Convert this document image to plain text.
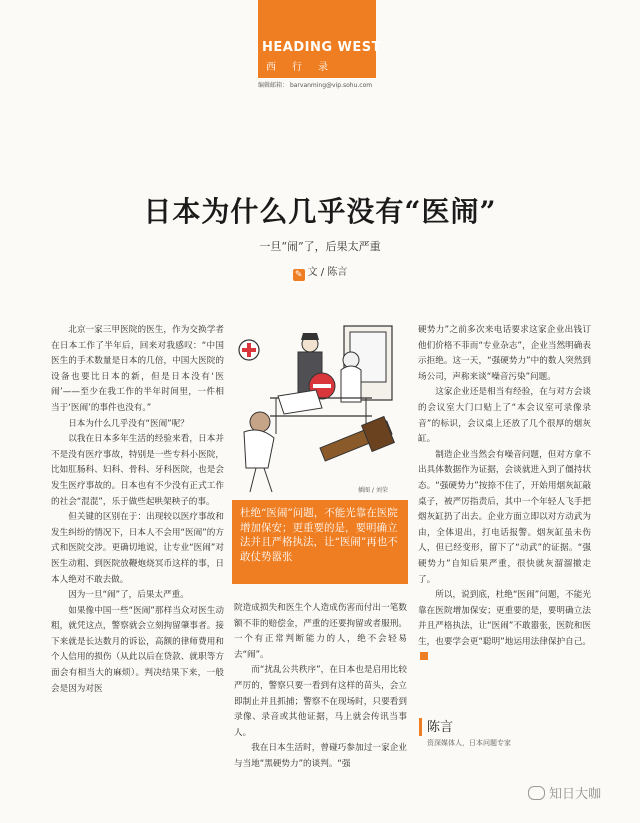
HEADING WEST
西行录
编辑邮箱： barvanming@vip.sohu.com
日本为什么几乎没有“医闹”
一旦“闹”了，后果太严重
✎ 文 / 陈言

北京一家三甲医院的医生，作为交换学者在日本工作了半年后，回来对我感叹：“中国医生的手术数量是日本的几倍，中国大医院的设备也要比日本的新，但是日本没有‘医闹’——至少在我工作的半年时间里，一件相当于‘医闹’的事件也没有。”

日本为什么几乎没有“医闹”呢？

以我在日本多年生活的经验来看，日本并不是没有医疗事故，特别是一些专科小医院，比如肛肠科、妇科、骨科、牙科医院，也是会发生医疗事故的。日本也有不少没有正式工作的社会“混混”，乐于做些起哄架秧子的事。

但关键的区别在于：出现较以医疗事故和发生纠纷的情况下，日本人不会用“医闹”的方式和医院交涉。更确切地说，让专业“医闹”对医生动粗、到医院放鞭炮烧冥币这样的事，日本人绝对不敢去做。

因为一旦“闹”了，后果太严重。

如果像中国一些“医闹”那样当众对医生动粗，就凭这点，警察就会立刻拘留肇事者。接下来就是长达数月的诉讼，高额的律师费用和个人信用的损伤（从此以后在贷款、就职等方面会有相当大的麻烦）。判决结果下来，一般会是因为对医

插图 / 刘荣
杜绝“医闹”问题，不能光靠在医院增加保安；更重要的是，要明确立法并且严格执法，让“医闹”再也不敢仗势嚣张

院造成损失和医生个人造成伤害而付出一笔数额不菲的赔偿金，严重的还要拘留或者服刑。一个有正常判断能力的人，绝不会轻易去“闹”。

而“扰乱公共秩序”，在日本也是启用比较严厉的，警察只要一看到有这样的苗头，会立即制止并且抓捕；警察不在现场时，只要看到录像、录音或其他证据，马上就会传讯当事人。

我在日本生活时，曾碰巧参加过一家企业与当地“黑硬势力”的谈判。“强

硬势力”之前多次来电话要求这家企业出钱订他们价格不菲而“专业杂志”，企业当然明确表示拒绝。这一天，“强硬势力”中的数人突然到场公司，声称来谈“噪音污染”问题。

这家企业还是相当有经验，在与对方会谈的会议室大门口贴上了“本会议室可录像录音”的标识，会议桌上还放了几个很厚的烟灰缸。

制造企业当然会有噪音问题，但对方拿不出具体数据作为证据，会谈就进入到了僵持状态。“强硬势力”按捺不住了，开始用烟灰缸敲桌子，被严厉指责后，其中一个年轻人飞手把烟灰缸扔了出去。企业方面立即以对方动武为由，全体退出，打电话报警。烟灰缸虽未伤人，但已经变形，留下了“动武”的证据。“强硬势力”自知后果严重，很快就灰溜溜撤走了。

所以，说到底，杜绝“医闹”问题，不能光靠在医院增加保安；更重要的是，要明确立法并且严格执法，让“医闹”不敢嚣张，医院和医生，也要学会更“聪明”地运用法律保护自己。

陈言
资深媒体人，日本问题专家
知日大咖
